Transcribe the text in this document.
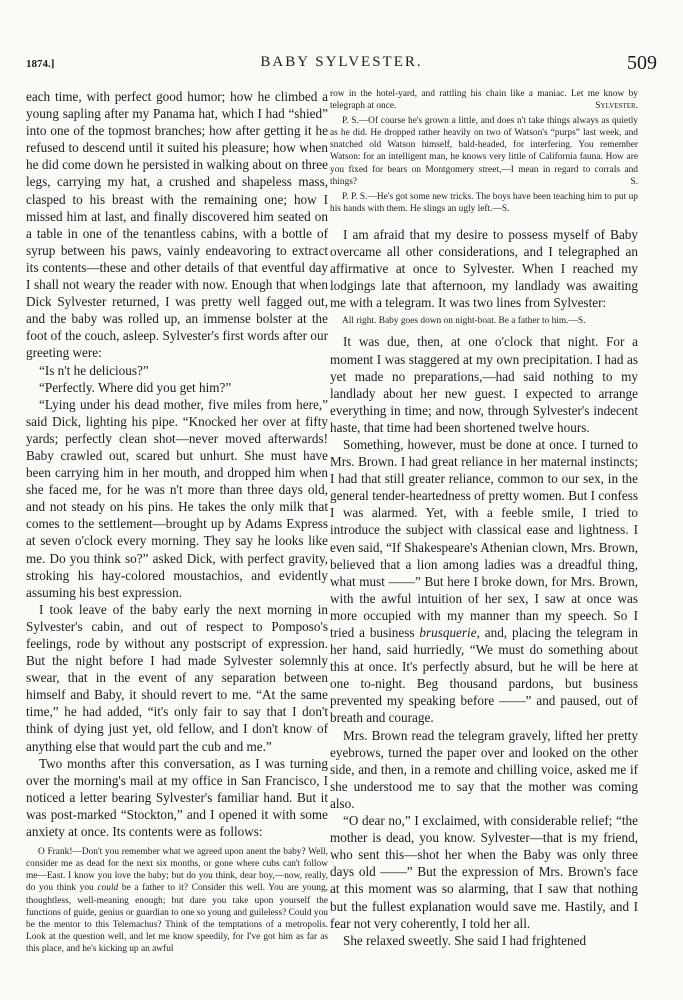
1874.]	BABY SYLVESTER.	509

each time, with perfect good humor; how he climbed a young sapling after my Panama hat, which I had “shied” into one of the topmost branches; how after getting it he refused to descend until it suited his pleasure; how when he did come down he persisted in walking about on three legs, carrying my hat, a crushed and shapeless mass, clasped to his breast with the remaining one; how I missed him at last, and finally discovered him seated on a table in one of the tenantless cabins, with a bottle of syrup between his paws, vainly endeavoring to extract its contents—these and other details of that eventful day I shall not weary the reader with now. Enough that when Dick Sylvester returned, I was pretty well fagged out, and the baby was rolled up, an immense bolster at the foot of the couch, asleep. Sylvester's first words after our greeting were:

“Is n't he delicious?”

“Perfectly. Where did you get him?”

“Lying under his dead mother, five miles from here,” said Dick, lighting his pipe. “Knocked her over at fifty yards; perfectly clean shot—never moved afterwards! Baby crawled out, scared but unhurt. She must have been carrying him in her mouth, and dropped him when she faced me, for he was n't more than three days old, and not steady on his pins. He takes the only milk that comes to the settlement—brought up by Adams Express at seven o'clock every morning. They say he looks like me. Do you think so?” asked Dick, with perfect gravity, stroking his hay-colored moustachios, and evidently assuming his best expression.

I took leave of the baby early the next morning in Sylvester's cabin, and out of respect to Pomposo's feelings, rode by without any postscript of expression. But the night before I had made Sylvester solemnly swear, that in the event of any separation between himself and Baby, it should revert to me. “At the same time,” he had added, “it's only fair to say that I don't think of dying just yet, old fellow, and I don't know of anything else that would part the cub and me.”

Two months after this conversation, as I was turning over the morning's mail at my office in San Francisco, I noticed a letter bearing Sylvester's familiar hand. But it was post-marked “Stockton,” and I opened it with some anxiety at once. Its contents were as follows:

O Frank!—Don't you remember what we agreed upon anent the baby? Well, consider me as dead for the next six months, or gone where cubs can't follow me—East. I know you love the baby; but do you think, dear boy,—now, really, do you think you could be a father to it? Consider this well. You are young, thoughtless, well-meaning enough; but dare you take upon yourself the functions of guide, genius or guardian to one so young and guileless? Could you be the mentor to this Telemachus? Think of the temptations of a metropolis. Look at the question well, and let me know speedily, for I've got him as far as this place, and he's kicking up an awful

row in the hotel-yard, and rattling his chain like a maniac. Let me know by telegraph at once.	Sylvester.

P. S.—Of course he's grown a little, and does n't take things always as quietly as he did. He dropped rather heavily on two of Watson's “purps” last week, and snatched old Watson himself, bald-headed, for interfering. You remember Watson: for an intelligent man, he knows very little of California fauna. How are you fixed for bears on Montgomery street,—I mean in regard to corrals and things?	S.

P. P. S.—He's got some new tricks. The boys have been teaching him to put up his hands with them. He slings an ugly left.—S.

I am afraid that my desire to possess myself of Baby overcame all other considerations, and I telegraphed an affirmative at once to Sylvester. When I reached my lodgings late that afternoon, my landlady was awaiting me with a telegram. It was two lines from Sylvester:

All right. Baby goes down on night-boat. Be a father to him.—S.

It was due, then, at one o'clock that night. For a moment I was staggered at my own precipitation. I had as yet made no preparations,—had said nothing to my landlady about her new guest. I expected to arrange everything in time; and now, through Sylvester's indecent haste, that time had been shortened twelve hours.

Something, however, must be done at once. I turned to Mrs. Brown. I had great reliance in her maternal instincts; I had that still greater reliance, common to our sex, in the general tender-heartedness of pretty women. But I confess I was alarmed. Yet, with a feeble smile, I tried to introduce the subject with classical ease and lightness. I even said, “If Shakespeare's Athenian clown, Mrs. Brown, believed that a lion among ladies was a dreadful thing, what must ——” But here I broke down, for Mrs. Brown, with the awful intuition of her sex, I saw at once was more occupied with my manner than my speech. So I tried a business brusquerie, and, placing the telegram in her hand, said hurriedly, “We must do something about this at once. It's perfectly absurd, but he will be here at one to-night. Beg thousand pardons, but business prevented my speaking before ——” and paused, out of breath and courage.

Mrs. Brown read the telegram gravely, lifted her pretty eyebrows, turned the paper over and looked on the other side, and then, in a remote and chilling voice, asked me if she understood me to say that the mother was coming also.

“O dear no,” I exclaimed, with considerable relief; “the mother is dead, you know. Sylvester—that is my friend, who sent this—shot her when the Baby was only three days old ——” But the expression of Mrs. Brown's face at this moment was so alarming, that I saw that nothing but the fullest explanation would save me. Hastily, and I fear not very coherently, I told her all.

She relaxed sweetly. She said I had frightened
